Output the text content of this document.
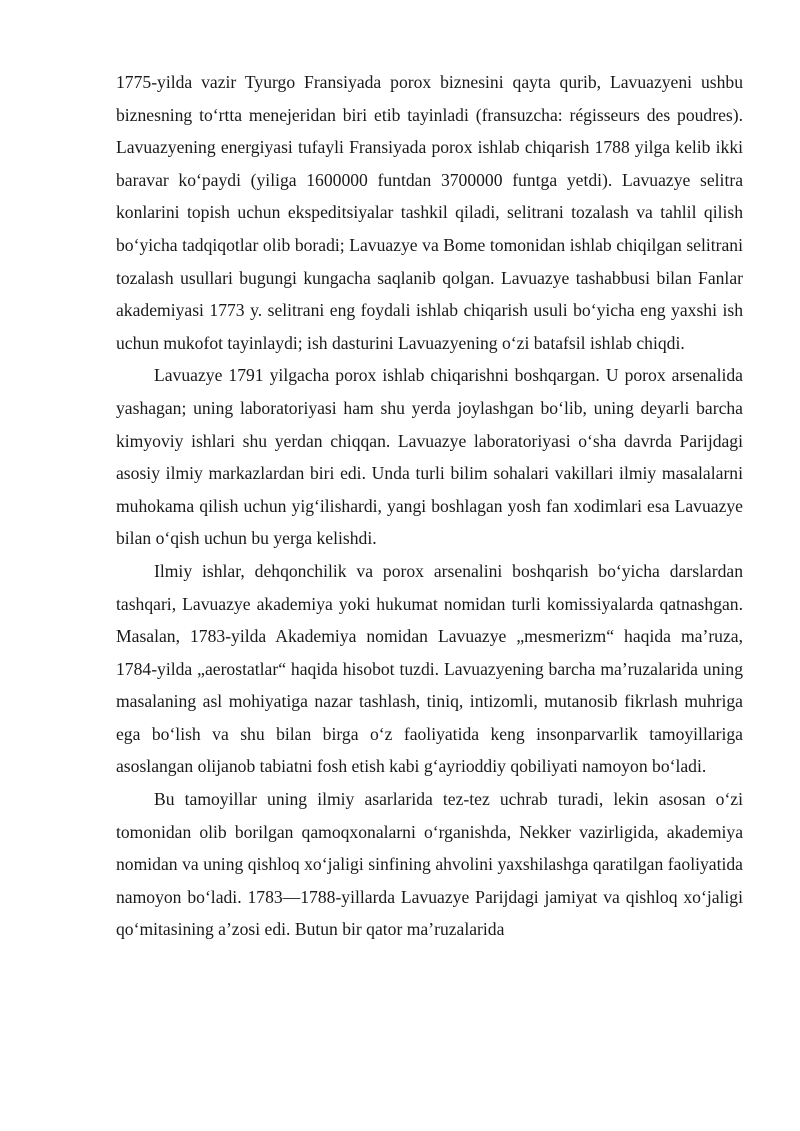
1775-yilda vazir Tyurgo Fransiyada porox biznesini qayta qurib, Lavuazyeni ushbu biznesning to‘rtta menejeridan biri etib tayinladi (fransuzcha: régisseurs des poudres). Lavuazyening energiyasi tufayli Fransiyada porox ishlab chiqarish 1788 yilga kelib ikki baravar ko‘paydi (yiliga 1600000 funtdan 3700000 funtga yetdi). Lavuazye selitra konlarini topish uchun ekspeditsiyalar tashkil qiladi, selitrani tozalash va tahlil qilish bo‘yicha tadqiqotlar olib boradi; Lavuazye va Bome tomonidan ishlab chiqilgan selitrani tozalash usullari bugungi kungacha saqlanib qolgan. Lavuazye tashabbusi bilan Fanlar akademiyasi 1773 y. selitrani eng foydali ishlab chiqarish usuli bo‘yicha eng yaxshi ish uchun mukofot tayinlaydi; ish dasturini Lavuazyening o‘zi batafsil ishlab chiqdi.

Lavuazye 1791 yilgacha porox ishlab chiqarishni boshqargan. U porox arsenalida yashagan; uning laboratoriyasi ham shu yerda joylashgan bo‘lib, uning deyarli barcha kimyoviy ishlari shu yerdan chiqqan. Lavuazye laboratoriyasi o‘sha davrda Parijdagi asosiy ilmiy markazlardan biri edi. Unda turli bilim sohalari vakillari ilmiy masalalarni muhokama qilish uchun yig‘ilishardi, yangi boshlagan yosh fan xodimlari esa Lavuazye bilan o‘qish uchun bu yerga kelishdi.

Ilmiy ishlar, dehqonchilik va porox arsenalini boshqarish bo‘yicha darslardan tashqari, Lavuazye akademiya yoki hukumat nomidan turli komissiyalarda qatnashgan. Masalan, 1783-yilda Akademiya nomidan Lavuazye „mesmerizm“ haqida ma’ruza, 1784-yilda „aerostatlar“ haqida hisobot tuzdi. Lavuazyening barcha ma’ruzalarida uning masalaning asl mohiyatiga nazar tashlash, tiniq, intizomli, mutanosib fikrlash muhriga ega bo‘lish va shu bilan birga o‘z faoliyatida keng insonparvarlik tamoyillariga asoslangan olijanob tabiatni fosh etish kabi g‘ayrioddiy qobiliyati namoyon bo‘ladi.

Bu tamoyillar uning ilmiy asarlarida tez-tez uchrab turadi, lekin asosan o‘zi tomonidan olib borilgan qamoqxonalarni o‘rganishda, Nekker vazirligida, akademiya nomidan va uning qishloq xo‘jaligi sinfining ahvolini yaxshilashga qaratilgan faoliyatida namoyon bo‘ladi. 1783—1788-yillarda Lavuazye Parijdagi jamiyat va qishloq xo‘jaligi qo‘mitasining a’zosi edi. Butun bir qator ma’ruzalarida
